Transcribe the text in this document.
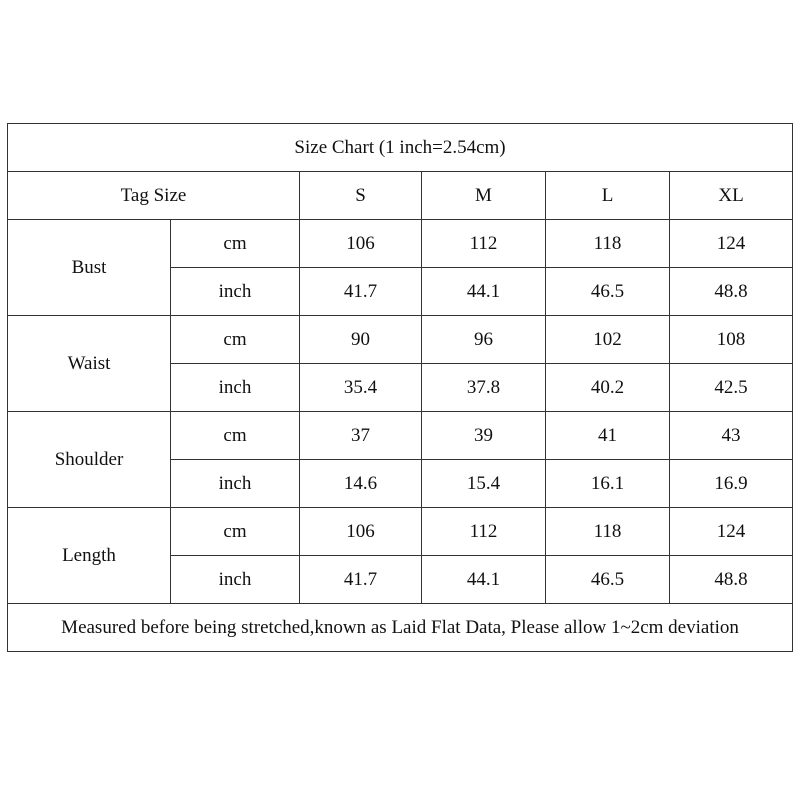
Size Chart (1 inch=2.54cm)					
Tag Size		S	M	L	XL
Bust	cm	106	112	118	124
	inch	41.7	44.1	46.5	48.8
Waist	cm	90	96	102	108
	inch	35.4	37.8	40.2	42.5
Shoulder	cm	37	39	41	43
	inch	14.6	15.4	16.1	16.9
Length	cm	106	112	118	124
	inch	41.7	44.1	46.5	48.8
Measured before being stretched,known as Laid Flat Data, Please allow 1~2cm deviation					
